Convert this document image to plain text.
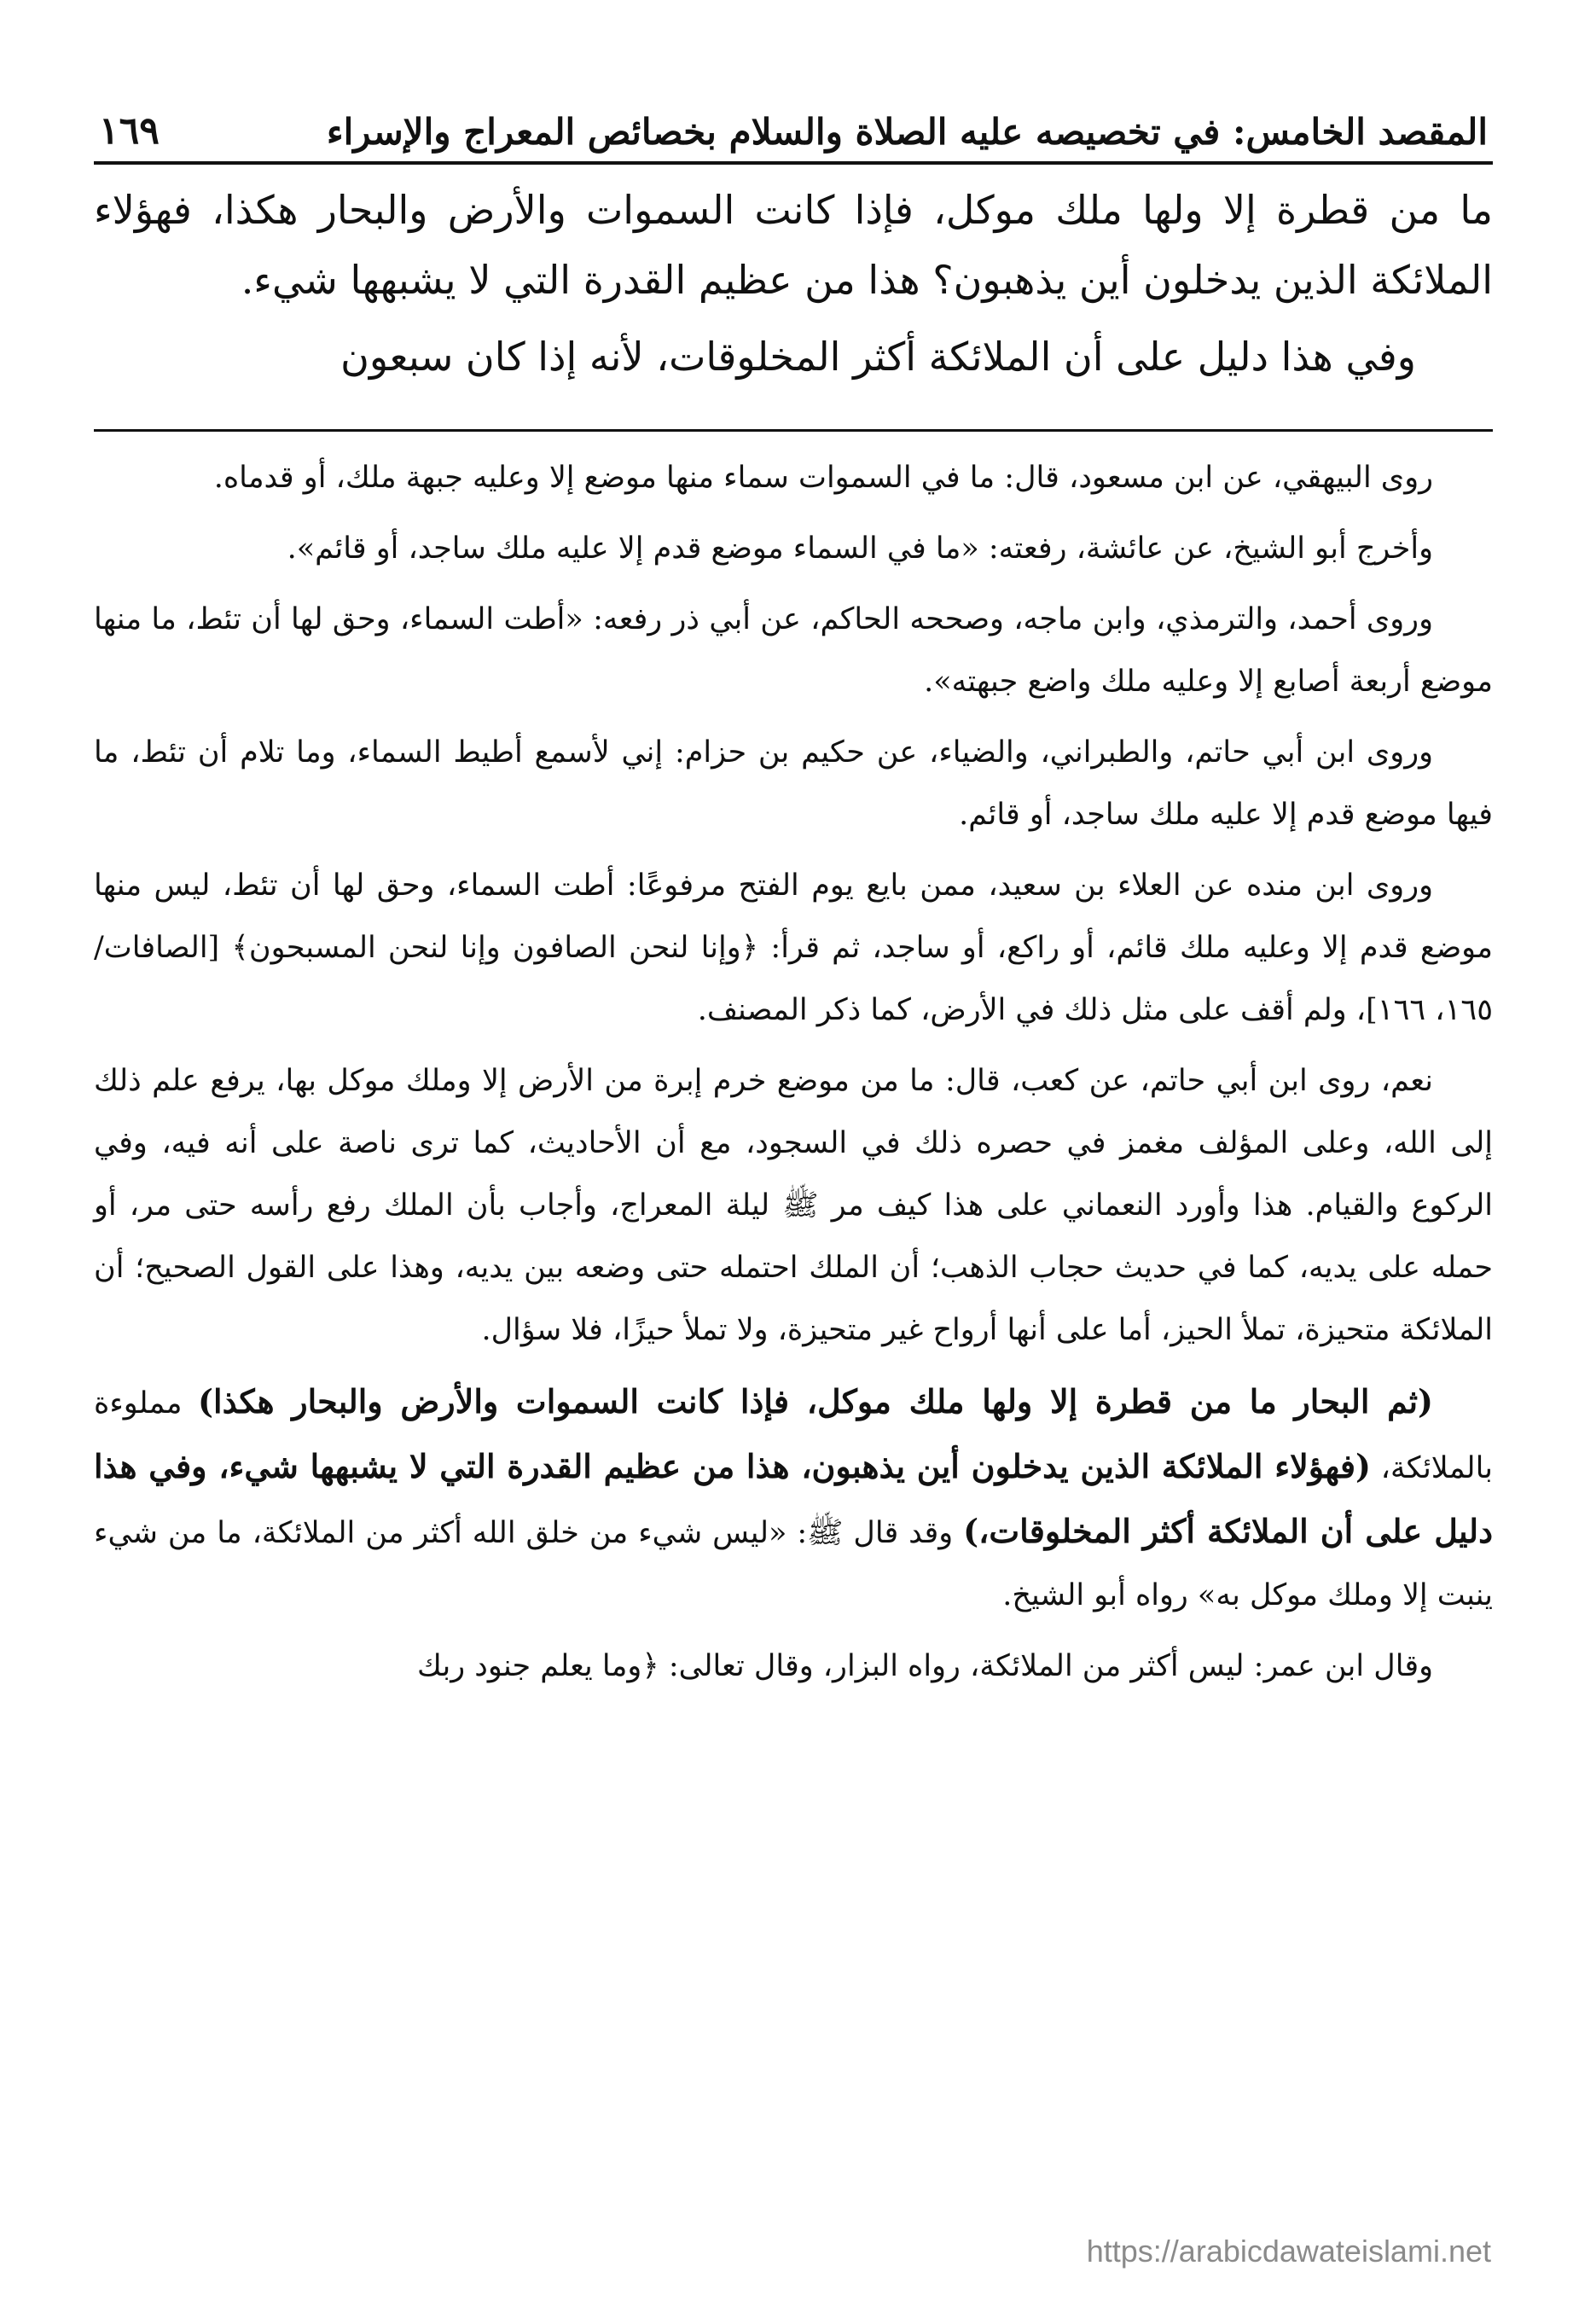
المقصد الخامس: في تخصيصه عليه الصلاة والسلام بخصائص المعراج والإسراء
١٦٩

ما من قطرة إلا ولها ملك موكل، فإذا كانت السموات والأرض والبحار هكذا، فهؤلاء الملائكة الذين يدخلون أين يذهبون؟ هذا من عظيم القدرة التي لا يشبهها شيء.

وفي هذا دليل على أن الملائكة أكثر المخلوقات، لأنه إذا كان سبعون

روى البيهقي، عن ابن مسعود، قال: ما في السموات سماء منها موضع إلا وعليه جبهة ملك، أو قدماه.

وأخرج أبو الشيخ، عن عائشة، رفعته: «ما في السماء موضع قدم إلا عليه ملك ساجد، أو قائم».

وروى أحمد، والترمذي، وابن ماجه، وصححه الحاكم، عن أبي ذر رفعه: «أطت السماء، وحق لها أن تئط، ما منها موضع أربعة أصابع إلا وعليه ملك واضع جبهته».

وروى ابن أبي حاتم، والطبراني، والضياء، عن حكيم بن حزام: إني لأسمع أطيط السماء، وما تلام أن تئط، ما فيها موضع قدم إلا عليه ملك ساجد، أو قائم.

وروى ابن منده عن العلاء بن سعيد، ممن بايع يوم الفتح مرفوعًا: أطت السماء، وحق لها أن تئط، ليس منها موضع قدم إلا وعليه ملك قائم، أو راكع، أو ساجد، ثم قرأ: ﴿وإنا لنحن الصافون وإنا لنحن المسبحون﴾ [الصافات/١٦٥، ١٦٦]، ولم أقف على مثل ذلك في الأرض، كما ذكر المصنف.

نعم، روى ابن أبي حاتم، عن كعب، قال: ما من موضع خرم إبرة من الأرض إلا وملك موكل بها، يرفع علم ذلك إلى الله، وعلى المؤلف مغمز في حصره ذلك في السجود، مع أن الأحاديث، كما ترى ناصة على أنه فيه، وفي الركوع والقيام. هذا وأورد النعماني على هذا كيف مر ﷺ ليلة المعراج، وأجاب بأن الملك رفع رأسه حتى مر، أو حمله على يديه، كما في حديث حجاب الذهب؛ أن الملك احتمله حتى وضعه بين يديه، وهذا على القول الصحيح؛ أن الملائكة متحيزة، تملأ الحيز، أما على أنها أرواح غير متحيزة، ولا تملأ حيزًا، فلا سؤال.

(ثم البحار ما من قطرة إلا ولها ملك موكل، فإذا كانت السموات والأرض والبحار هكذا) مملوءة بالملائكة، (فهؤلاء الملائكة الذين يدخلون أين يذهبون، هذا من عظيم القدرة التي لا يشبهها شيء، وفي هذا دليل على أن الملائكة أكثر المخلوقات،) وقد قال ﷺ: «ليس شيء من خلق الله أكثر من الملائكة، ما من شيء ينبت إلا وملك موكل به» رواه أبو الشيخ.

وقال ابن عمر: ليس أكثر من الملائكة، رواه البزار، وقال تعالى: ﴿وما يعلم جنود ربك

https://arabicdawateislami.net
